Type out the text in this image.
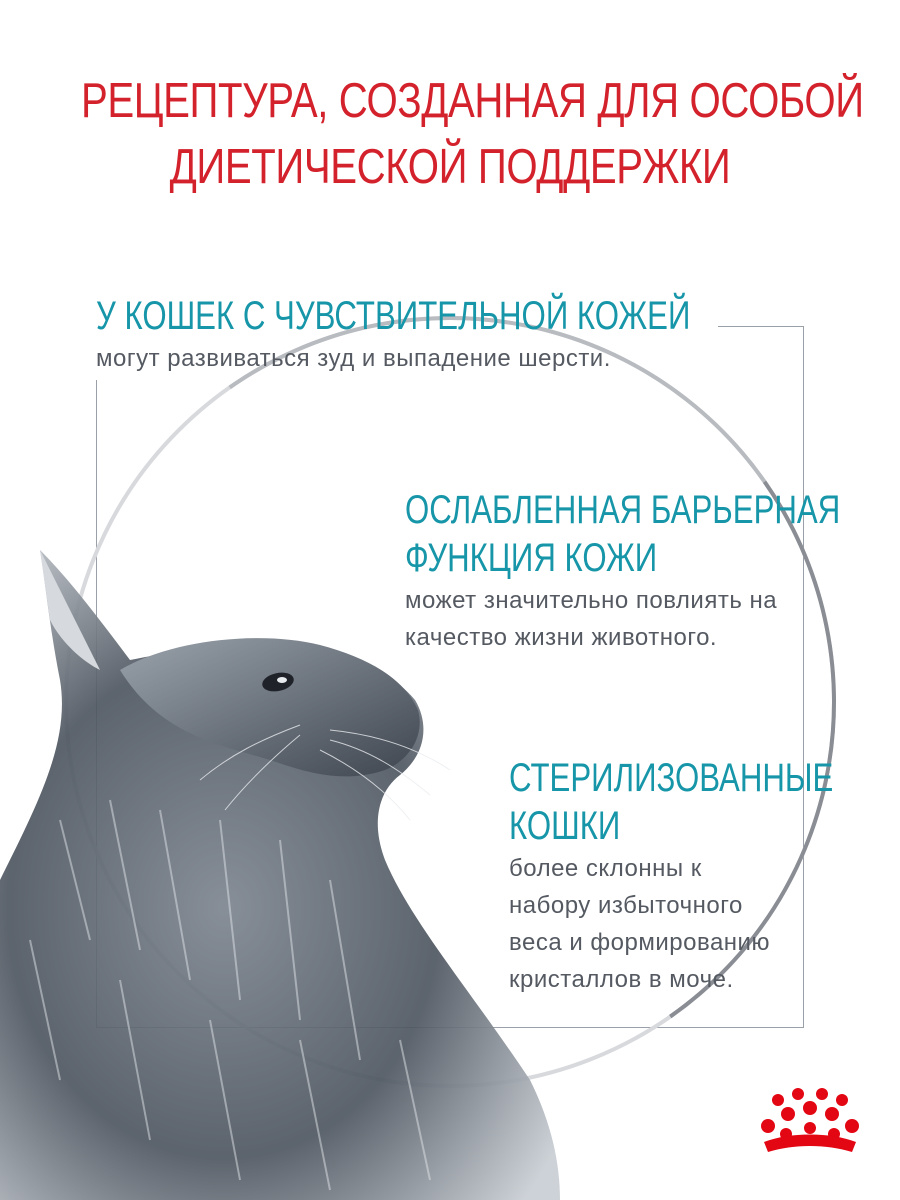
РЕЦЕПТУРА, СОЗДАННАЯ ДЛЯ ОСОБОЙ
ДИЕТИЧЕСКОЙ ПОДДЕРЖКИ
У КОШЕК С ЧУВСТВИТЕЛЬНОЙ КОЖЕЙ
могут развиваться зуд и выпадение шерсти.
ОСЛАБЛЕННАЯ БАРЬЕРНАЯ
ФУНКЦИЯ КОЖИ
может значительно повлиять на
качество жизни животного.
СТЕРИЛИЗОВАННЫЕ
КОШКИ
более склонны к
набору избыточного
веса и формированию
кристаллов в моче.
